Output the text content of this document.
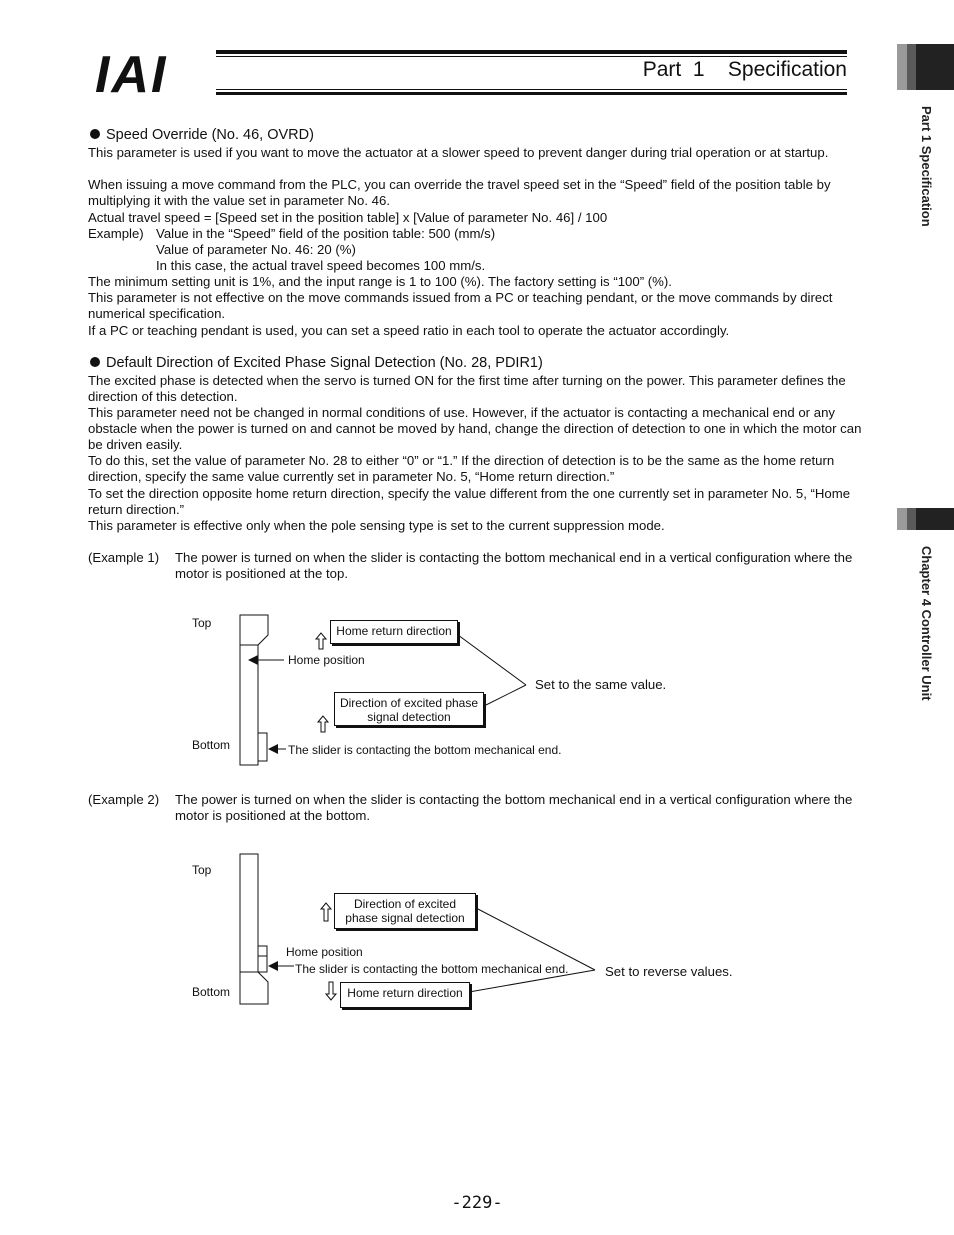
IAI	Part  1    Specification
Part 1 Specification
Chapter 4 Controller Unit
Speed Override (No. 46, OVRD)
This parameter is used if you want to move the actuator at a slower speed to prevent danger during trial operation or at startup.
When issuing a move command from the PLC, you can override the travel speed set in the “Speed” field of the position table by multiplying it with the value set in parameter No. 46.
Actual travel speed = [Speed set in the position table] x [Value of parameter No. 46] / 100
Example) Value in the “Speed” field of the position table: 500 (mm/s)
Value of parameter No. 46: 20 (%)
In this case, the actual travel speed becomes 100 mm/s.
The minimum setting unit is 1%, and the input range is 1 to 100 (%). The factory setting is “100” (%).
This parameter is not effective on the move commands issued from a PC or teaching pendant, or the move commands by direct numerical specification.
If a PC or teaching pendant is used, you can set a speed ratio in each tool to operate the actuator accordingly.
Default Direction of Excited Phase Signal Detection (No. 28, PDIR1)
The excited phase is detected when the servo is turned ON for the first time after turning on the power. This parameter defines the direction of this detection.
This parameter need not be changed in normal conditions of use. However, if the actuator is contacting a mechanical end or any obstacle when the power is turned on and cannot be moved by hand, change the direction of detection to one in which the motor can be driven easily.
To do this, set the value of parameter No. 28 to either “0” or “1.” If the direction of detection is to be the same as the home return direction, specify the same value currently set in parameter No. 5, “Home return direction.”
To set the direction opposite home return direction, specify the value different from the one currently set in parameter No. 5, “Home return direction.”
This parameter is effective only when the pole sensing type is set to the current suppression mode.
(Example 1) The power is turned on when the slider is contacting the bottom mechanical end in a vertical configuration where the motor is positioned at the top.
Top
Bottom
Home position
Home return direction
Direction of excited phase
signal detection
Set to the same value.
The slider is contacting the bottom mechanical end.
(Example 2) The power is turned on when the slider is contacting the bottom mechanical end in a vertical configuration where the motor is positioned at the bottom.
Top
Bottom
Home position
Direction of excited
phase signal detection
Home return direction
The slider is contacting the bottom mechanical end.	Set to reverse values.
-229-
